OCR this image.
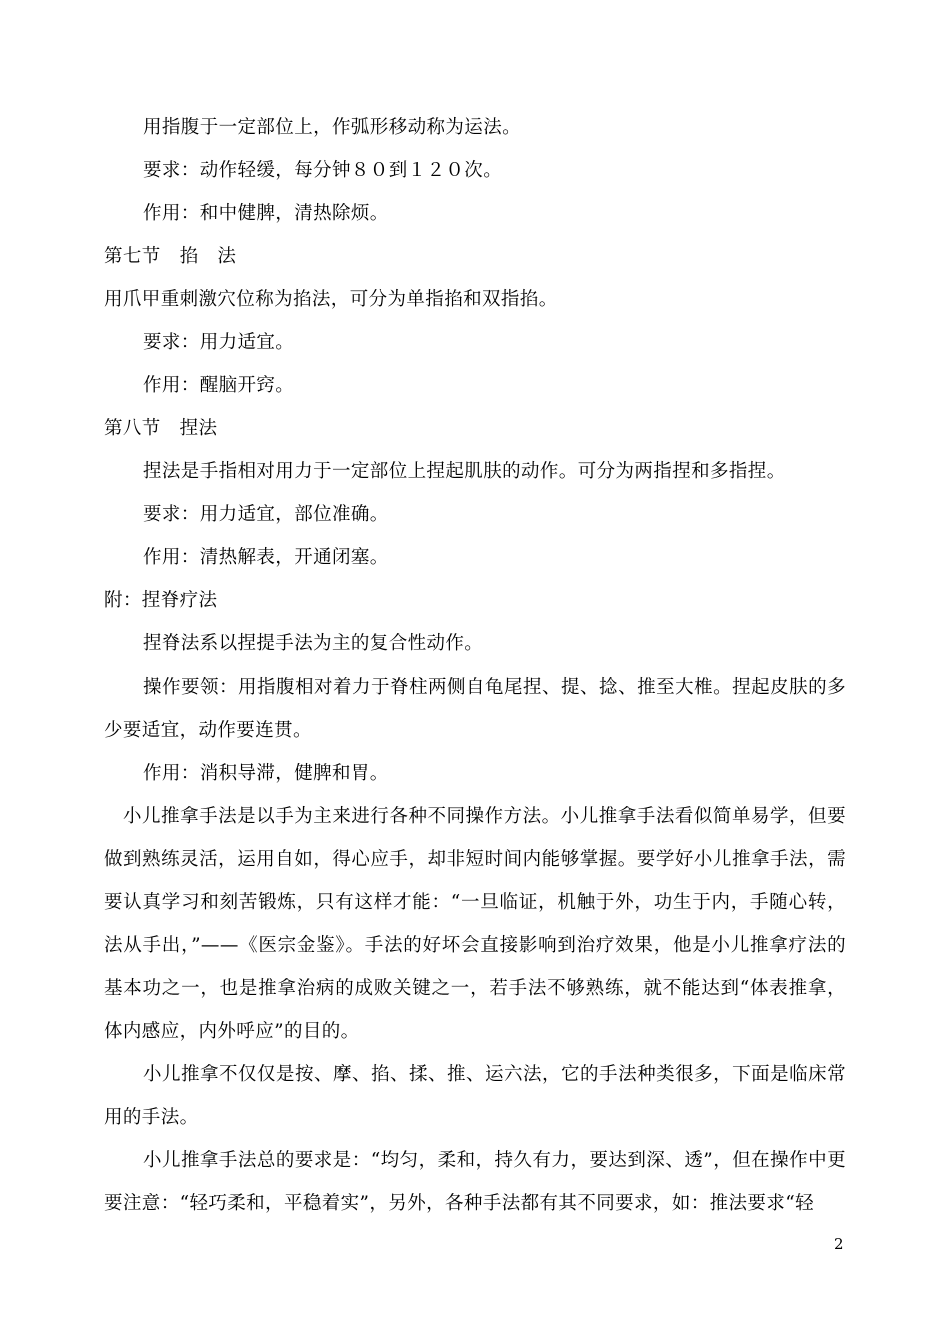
用指腹于一定部位上，作弧形移动称为运法。
要求：动作轻缓，每分钟８０到１２０次。
作用：和中健脾，清热除烦。
第七节　掐　法
用爪甲重刺激穴位称为掐法，可分为单指掐和双指掐。
要求：用力适宜。
作用：醒脑开窍。
第八节　捏法
捏法是手指相对用力于一定部位上捏起肌肤的动作。可分为两指捏和多指捏。
要求：用力适宜，部位准确。
作用：清热解表，开通闭塞。
附：捏脊疗法
捏脊法系以捏提手法为主的复合性动作。
操作要领：用指腹相对着力于脊柱两侧自龟尾捏、提、捻、推至大椎。捏起皮肤的多少要适宜，动作要连贯。
作用：消积导滞，健脾和胃。
小儿推拿手法是以手为主来进行各种不同操作方法。小儿推拿手法看似简单易学，但要做到熟练灵活，运用自如，得心应手，却非短时间内能够掌握。要学好小儿推拿手法，需要认真学习和刻苦锻炼，只有这样才能：“一旦临证，机触于外，功生于内，手随心转，法从手出，”——《医宗金鉴》。手法的好坏会直接影响到治疗效果，他是小儿推拿疗法的基本功之一，也是推拿治病的成败关键之一，若手法不够熟练，就不能达到“体表推拿，体内感应，内外呼应”的目的。
小儿推拿不仅仅是按、摩、掐、揉、推、运六法，它的手法种类很多，下面是临床常用的手法。
小儿推拿手法总的要求是：“均匀，柔和，持久有力，要达到深、透”，但在操作中更要注意：“轻巧柔和，平稳着实”，另外，各种手法都有其不同要求，如：推法要求“轻
2
